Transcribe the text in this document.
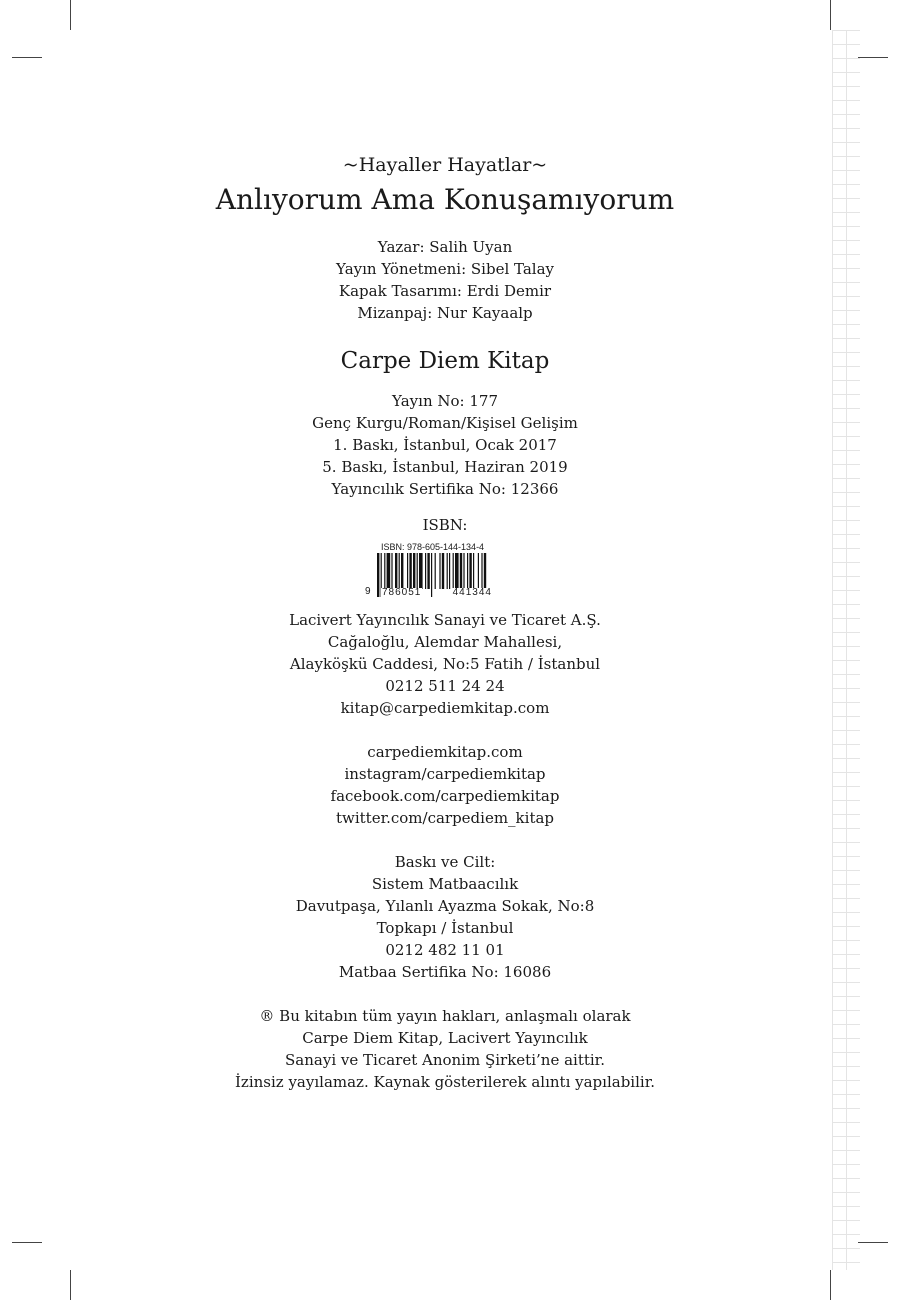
~Hayaller Hayatlar~
Anlıyorum Ama Konuşamıyorum
Yazar: Salih Uyan
Yayın Yönetmeni: Sibel Talay
Kapak Tasarımı: Erdi Demir
Mizanpaj: Nur Kayaalp
Carpe Diem Kitap
Yayın No: 177
Genç Kurgu/Roman/Kişisel Gelişim
1. Baskı, İstanbul, Ocak 2017
5. Baskı, İstanbul, Haziran 2019
Yayıncılık Sertifika No: 12366
ISBN:
ISBN: 978-605-144-134-4
9	786051	441344
Lacivert Yayıncılık Sanayi ve Ticaret A.Ş.
Cağaloğlu, Alemdar Mahallesi,
Alayköşkü Caddesi, No:5 Fatih / İstanbul
0212 511 24 24
kitap@carpediemkitap.com
carpediemkitap.com
instagram/carpediemkitap
facebook.com/carpediemkitap
twitter.com/carpediem_kitap
Baskı ve Cilt:
Sistem Matbaacılık
Davutpaşa, Yılanlı Ayazma Sokak, No:8
Topkapı / İstanbul
0212 482 11 01
Matbaa Sertifika No: 16086
® Bu kitabın tüm yayın hakları, anlaşmalı olarak
Carpe Diem Kitap, Lacivert Yayıncılık
Sanayi ve Ticaret Anonim Şirketi’ne aittir.
İzinsiz yayılamaz. Kaynak gösterilerek alıntı yapılabilir.
